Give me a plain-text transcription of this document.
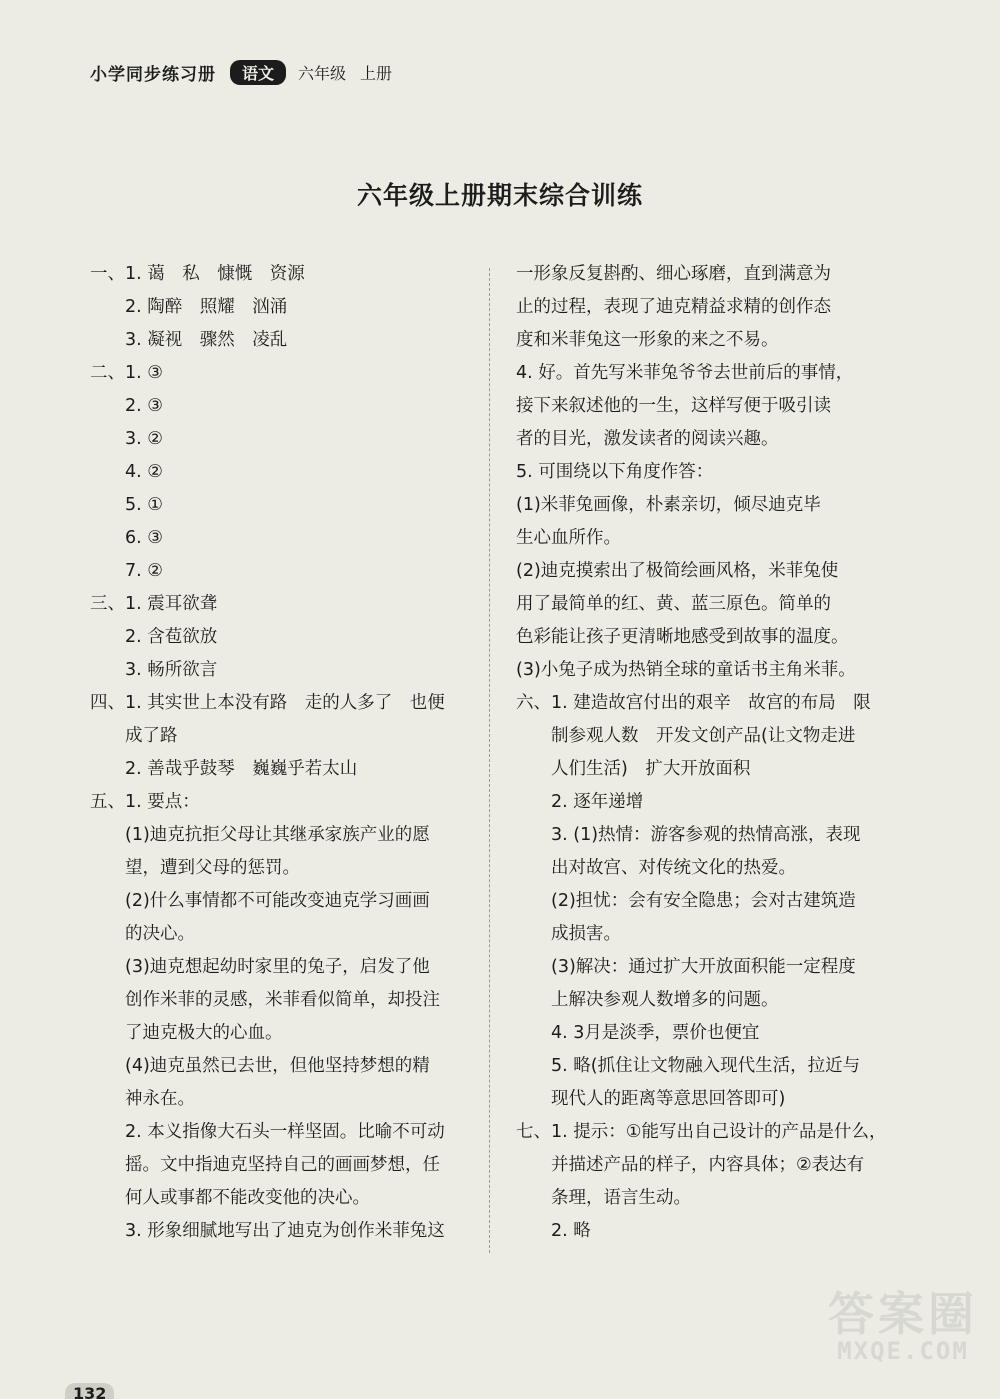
小学同步练习册	语文	六年级 上册
六年级上册期末综合训练
一、1. 蔼　私　慷慨　资源
　　2. 陶醉　照耀　汹涌
　　3. 凝视　骤然　凌乱
二、1. ③
　　2. ③
　　3. ②
　　4. ②
　　5. ①
　　6. ③
　　7. ②
三、1. 震耳欲聋
　　2. 含苞欲放
　　3. 畅所欲言
四、1. 其实世上本没有路　走的人多了　也便
　　成了路
　　2. 善哉乎鼓琴　巍巍乎若太山
五、1. 要点：
　　(1)迪克抗拒父母让其继承家族产业的愿
　　望，遭到父母的惩罚。
　　(2)什么事情都不可能改变迪克学习画画
　　的决心。
　　(3)迪克想起幼时家里的兔子，启发了他
　　创作米菲的灵感，米菲看似简单，却投注
　　了迪克极大的心血。
　　(4)迪克虽然已去世，但他坚持梦想的精
　　神永在。
　　2. 本义指像大石头一样坚固。比喻不可动
　　摇。文中指迪克坚持自己的画画梦想，任
　　何人或事都不能改变他的决心。
　　3. 形象细腻地写出了迪克为创作米菲兔这
一形象反复斟酌、细心琢磨，直到满意为
止的过程，表现了迪克精益求精的创作态
度和米菲兔这一形象的来之不易。
4. 好。首先写米菲兔爷爷去世前后的事情，
接下来叙述他的一生，这样写便于吸引读
者的目光，激发读者的阅读兴趣。
5. 可围绕以下角度作答：
(1)米菲兔画像，朴素亲切，倾尽迪克毕
生心血所作。
(2)迪克摸索出了极简绘画风格，米菲兔使
用了最简单的红、黄、蓝三原色。简单的
色彩能让孩子更清晰地感受到故事的温度。
(3)小兔子成为热销全球的童话书主角米菲。
六、1. 建造故宫付出的艰辛　故宫的布局　限
　　制参观人数　开发文创产品(让文物走进
　　人们生活)　扩大开放面积
　　2. 逐年递增
　　3. (1)热情：游客参观的热情高涨，表现
　　出对故宫、对传统文化的热爱。
　　(2)担忧：会有安全隐患；会对古建筑造
　　成损害。
　　(3)解决：通过扩大开放面积能一定程度
　　上解决参观人数增多的问题。
　　4. 3月是淡季，票价也便宜
　　5. 略(抓住让文物融入现代生活，拉近与
　　现代人的距离等意思回答即可)
七、1. 提示：①能写出自己设计的产品是什么，
　　并描述产品的样子，内容具体；②表达有
　　条理，语言生动。
　　2. 略
132
答案圈
MXQE.COM
